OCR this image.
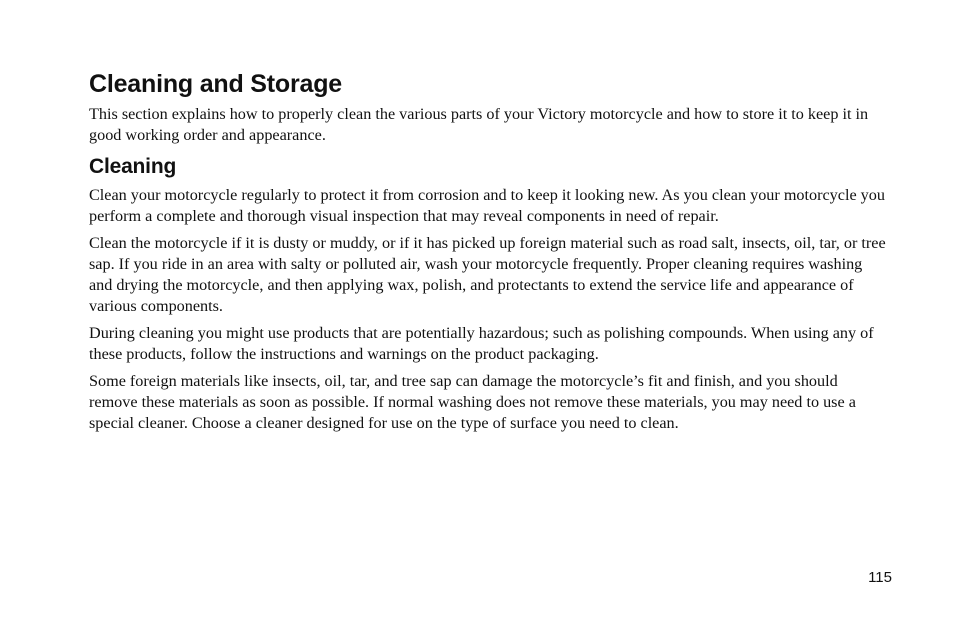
Cleaning and Storage
This section explains how to properly clean the various parts of your Victory motorcycle and how to store it to keep it in good working order and appearance.
Cleaning
Clean your motorcycle regularly to protect it from corrosion and to keep it looking new. As you clean your motorcycle you perform a complete and thorough visual inspection that may reveal components in need of repair.
Clean the motorcycle if it is dusty or muddy, or if it has picked up foreign material such as road salt, insects, oil, tar, or tree sap. If you ride in an area with salty or polluted air, wash your motorcycle frequently. Proper cleaning requires washing and drying the motorcycle, and then applying wax, polish, and protectants to extend the service life and appearance of various components.
During cleaning you might use products that are potentially hazardous; such as polishing compounds. When using any of these products, follow the instructions and warnings on the product packaging.
Some foreign materials like insects, oil, tar, and tree sap can damage the motorcycle’s fit and finish, and you should remove these materials as soon as possible. If normal washing does not remove these materials, you may need to use a special cleaner. Choose a cleaner designed for use on the type of surface you need to clean.
115
